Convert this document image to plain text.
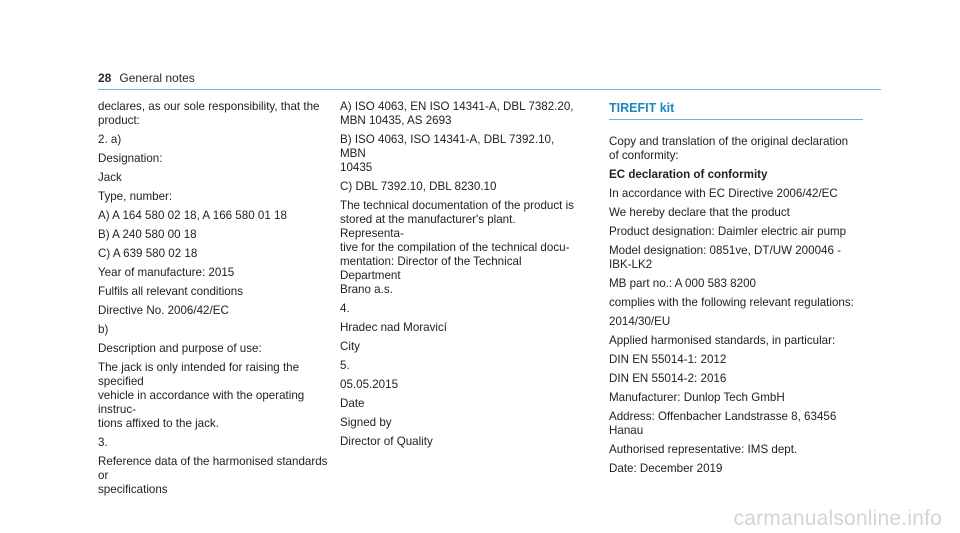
28 General notes

declares, as our sole responsibility, that the
product:

2. a)

Designation:

Jack

Type, number:

A) A 164 580 02 18, A 166 580 01 18

B) A 240 580 00 18

C) A 639 580 02 18

Year of manufacture: 2015

Fulfils all relevant conditions

Directive No. 2006/42/EC

b)

Description and purpose of use:

The jack is only intended for raising the specified
vehicle in accordance with the operating instruc-
tions affixed to the jack.

3.

Reference data of the harmonised standards or
specifications

A) ISO 4063, EN ISO 14341-A, DBL 7382.20,
MBN 10435, AS 2693

B) ISO 4063, ISO 14341-A, DBL 7392.10, MBN
10435

C) DBL 7392.10, DBL 8230.10

The technical documentation of the product is
stored at the manufacturer's plant. Representa-
tive for the compilation of the technical docu-
mentation: Director of the Technical Department
Brano a.s.

4.

Hradec nad Moravicí

City

5.

05.05.2015

Date

Signed by

Director of Quality

TIREFIT kit

Copy and translation of the original declaration
of conformity:

EC declaration of conformity

In accordance with EC Directive 2006/42/EC

We hereby declare that the product

Product designation: Daimler electric air pump

Model designation: 0851ve, DT/UW 200046 -
IBK-LK2

MB part no.: A 000 583 8200

complies with the following relevant regulations:

2014/30/EU

Applied harmonised standards, in particular:

DIN EN 55014-1: 2012

DIN EN 55014-2: 2016

Manufacturer: Dunlop Tech GmbH

Address: Offenbacher Landstrasse 8, 63456
Hanau

Authorised representative: IMS dept.

Date: December 2019

carmanualsonline.info
